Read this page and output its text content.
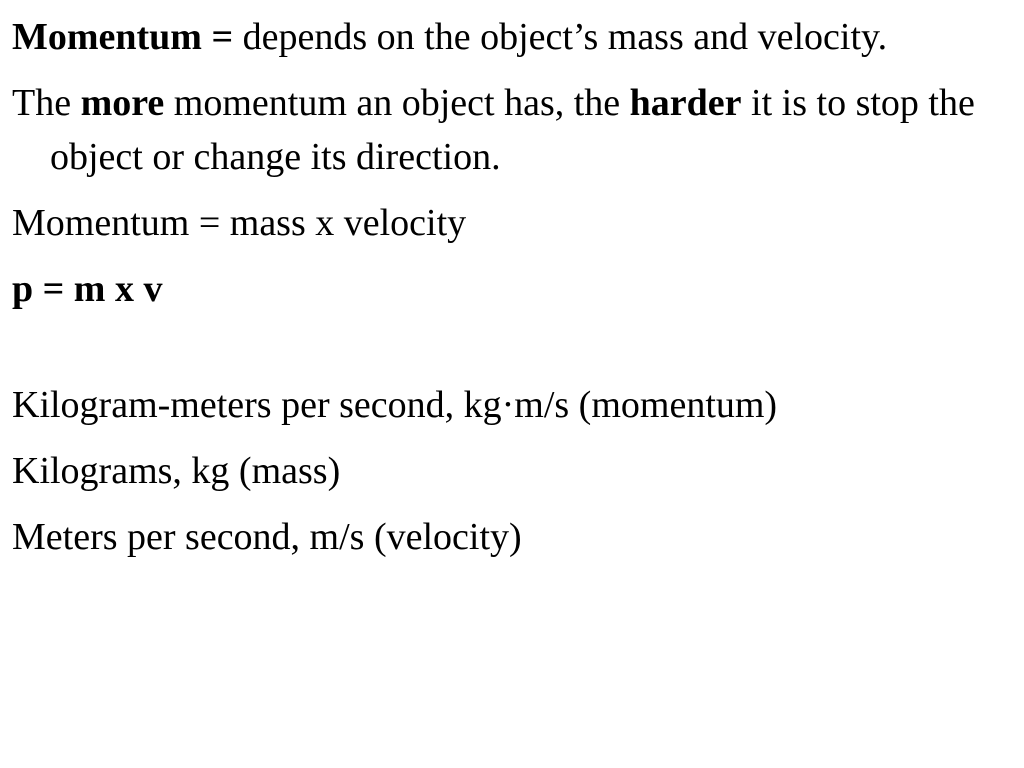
Momentum = depends on the object’s mass and velocity.

The more momentum an object has, the harder it is to stop the object or change its direction.

Momentum = mass x velocity

p = m x v

Kilogram-meters per second, kg·m/s (momentum)

Kilograms, kg (mass)

Meters per second, m/s (velocity)
